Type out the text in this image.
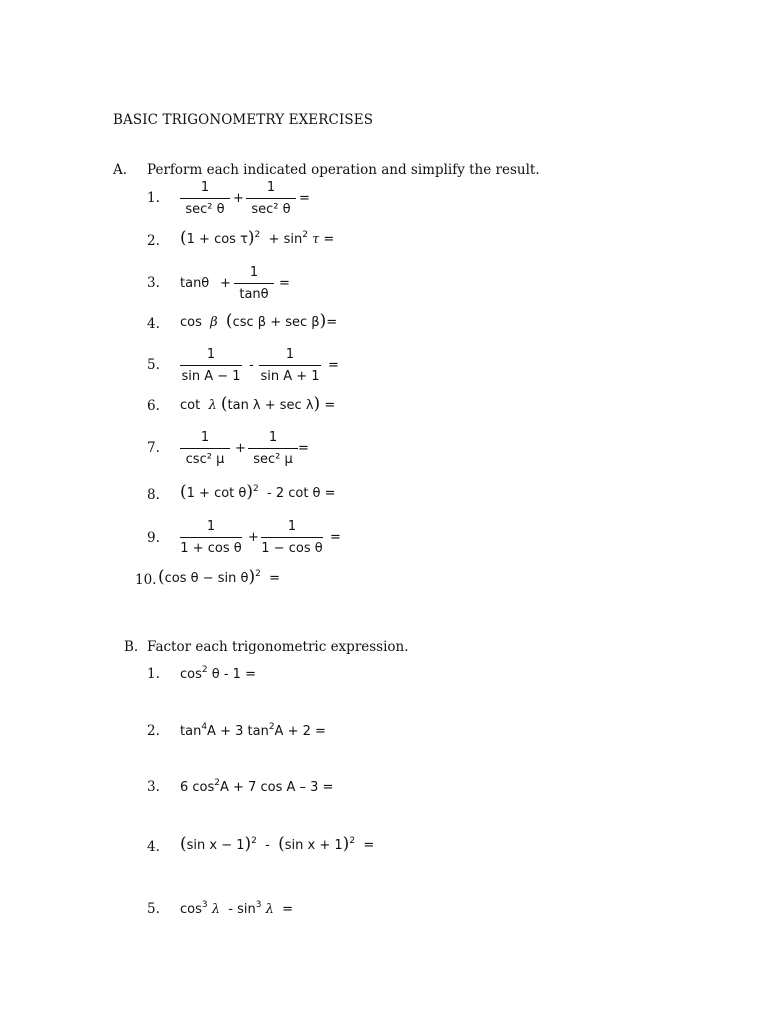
BASIC TRIGONOMETRY EXERCISES
A. Perform each indicated operation and simplify the result.
1.
1
sec² θ
+
1
sec² θ
=
2. $(1 + \cos \tau)^2 + \sin^2 \tau$ =
3. tanθ +
1
tanθ
=
4. cos β (csc β + sec β)=
5.
1
sin A − 1
-
1
sin A + 1
=
6. cot λ (tan λ + sec λ) =
7.
1
csc² μ
+
1
sec² μ
=
8. $(1 + \cot \theta)^2 - 2$ cot θ =
9.
1
1 + cos θ
+
1
1 − cos θ
=
10. (cos θ − sin θ)$^2$ =
B. Factor each trigonometric expression.
1. $\cos^2 \theta - 1$ =
2. $\tan^4A + 3$ $\tan^2A + 2$ =
3. 6 $\cos^2A + 7$ cos A – 3 =
4. (sin x − 1)$^2$ - (sin x + 1)$^2$ =
5. $\cos^3 \lambda - \sin^3 \lambda$ =
